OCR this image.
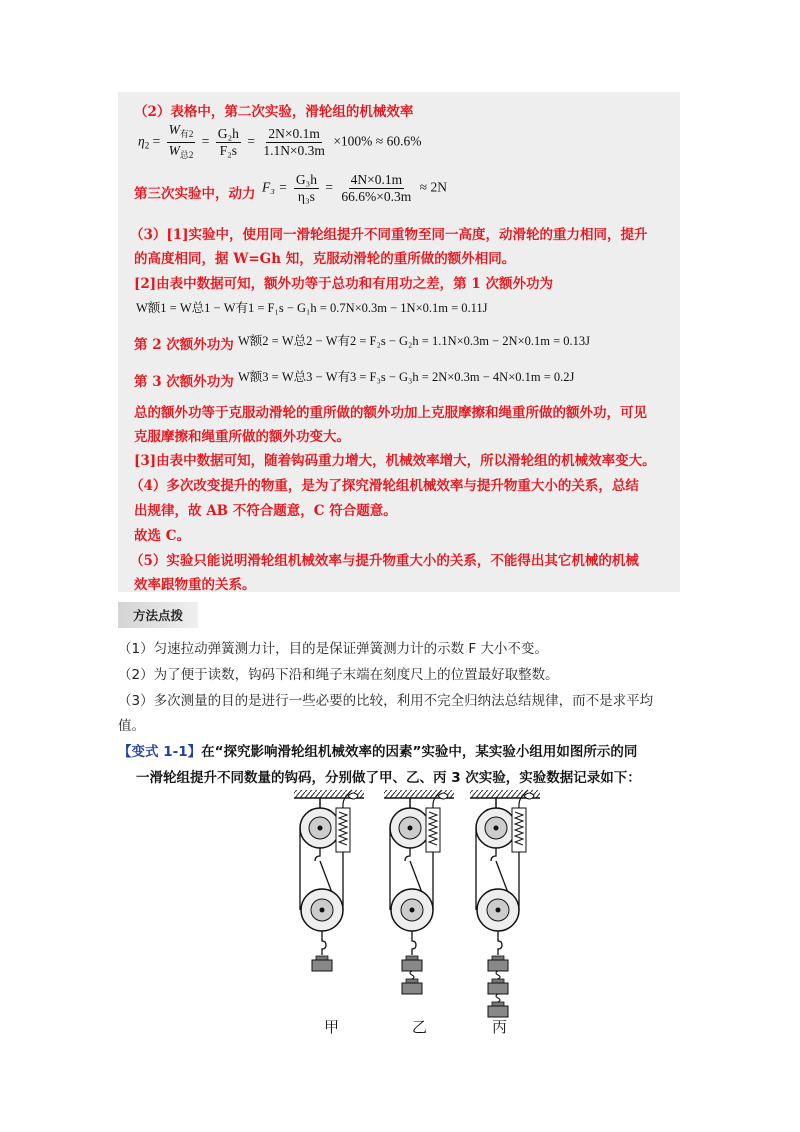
（2）表格中，第二次实验，滑轮组的机械效率
$\eta_2 = \frac{W_{有2}}{W_{总2}} = \frac{\text{G₂h}}{\text{F₂s}} = \frac{2N\times 0.1m}{1.1N\times 0.3m} \times 100\% \approx 60.6\%$
第三次实验中，动力 $F_3 = \frac{\text{G₃h}}{\text{η₃s}} = \frac{4N\times 0.1m}{66.6\%\times 0.3m} \approx 2N$
（3）[1]实验中，使用同一滑轮组提升不同重物至同一高度，动滑轮的重力相同，提升
的高度相同，据 W=Gh 知，克服动滑轮的重所做的额外相同。
[2]由表中数据可知，额外功等于总功和有用功之差，第 1 次额外功为
W额1 = W总1 − W有1 = F₁s − G₁h = 0.7N×0.3m − 1N×0.1m = 0.11J
第 2 次额外功为 W额2 = W总2 − W有2 = F₂s − G₂h = 1.1N×0.3m − 2N×0.1m = 0.13J
第 3 次额外功为 W额3 = W总3 − W有3 = F₃s − G₃h = 2N×0.3m − 4N×0.1m = 0.2J
总的额外功等于克服动滑轮的重所做的额外功加上克服摩擦和绳重所做的额外功，可见
克服摩擦和绳重所做的额外功变大。
[3]由表中数据可知，随着钩码重力增大，机械效率增大，所以滑轮组的机械效率变大。
（4）多次改变提升的物重，是为了探究滑轮组机械效率与提升物重大小的关系，总结
出规律，故 AB 不符合题意，C 符合题意。
故选 C。
（5）实验只能说明滑轮组机械效率与提升物重大小的关系，不能得出其它机械的机械
效率跟物重的关系。
方法点拨
（1）匀速拉动弹簧测力计，目的是保证弹簧测力计的示数 F 大小不变。
（2）为了便于读数，钩码下沿和绳子末端在刻度尺上的位置最好取整数。
（3）多次测量的目的是进行一些必要的比较，利用不完全归纳法总结规律，而不是求平均
值。
【变式 1-1】在“探究影响滑轮组机械效率的因素”实验中，某实验小组用如图所示的同
一滑轮组提升不同数量的钩码，分别做了甲、乙、丙 3 次实验，实验数据记录如下：
甲	乙	丙
